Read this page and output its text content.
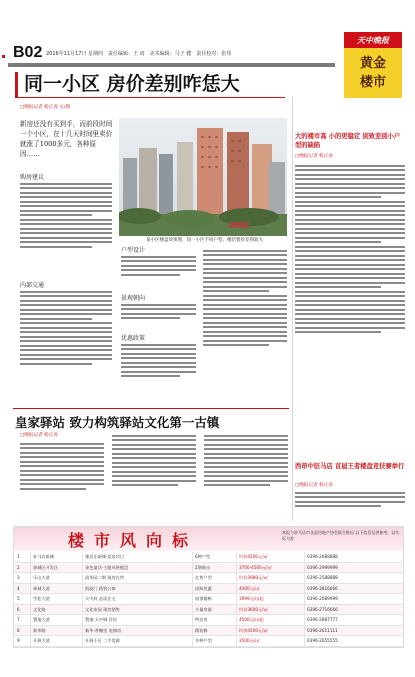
B02 2016年11月17日 星期四　责任编辑：王 琦　美术编辑：马子 健　责任校对：张伟
天中晚报
黄金
楼市
同一小区 房价差别咋恁大
□晚报记者 杨正涛 文/图
新房还没有买到手，而前段时间一个小区，在十几天时间里卖价就涨了1000多元，各种原因……
某小区楼盘效果图，同一小区不同户型、楼层售价差别较大
购房建议
内部交通
户型设计
景观朝向
优惠政策
大的楼市高 小的更稳定 别致差别小户型的缺陷
□晚报记者 杨正涛
西昂中驻马店 首届王者楼盘竞技赛举行
□晚报记者 杨正涛
皇家驿站 致力构筑驿站文化第一古镇
□晚报记者 杨正涛
楼市风向标	本报与驻马店市各县房地产协会联合推出 以下信息仅供参考，以实际为准
1	驻马店新城	雅居乐新城·某某项目	6种户型	均价4200元/㎡	0396-2688888
2	驿城区开发区	金色童话·主题风格楼盘	2期推出	3700-4500元/㎡	0396-2999999
3	乐山大道	清华园二期 现房在售	在售户型	均价3980元/㎡	0396-2588888
4	驿城大道	凯旋门 精装公寓	团购优惠	4300元/㎡	0396-3816666
5	雪松大道	天中府 品质住宅	加推楼栋	3999元/㎡起	0396-2689999
6	文化路	文化家园 现房销售	少量房源	均价3600元/㎡	0396-2716666
7	置地大道	置地·天中城 洋房	特价房	4500元/㎡起	0396-2887777
8	新华路	新华·香榭里 电梯房	精装修	均价4100元/㎡	0396-2611111
9	开源大道	开源小区 二手房源	多种户型	3500元/㎡	0396-2655555
